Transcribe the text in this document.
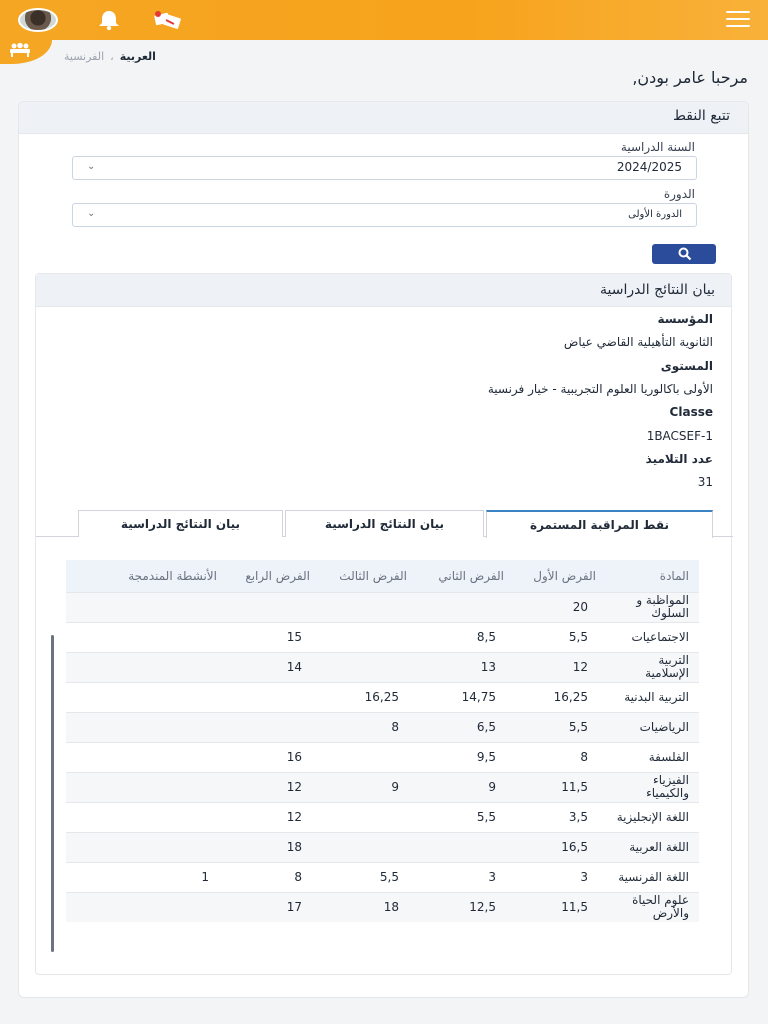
الفرنسية ، العربية
مرحبا عامر بودن,
تتبع النقط
السنة الدراسية
2024/2025
⌄
الدورة
الدورة الأولى
⌄
بيان النتائج الدراسية
المؤسسة
الثانوية التأهيلية القاضي عياض
المستوى
الأولى باكالوريا العلوم التجريبية - خيار فرنسية
Classe
1BACSEF-1
عدد التلاميذ
31
نقط المراقبة المستمرة
بيان النتائج الدراسية
بيان النتائج الدراسية
المادة	الفرض الأول	الفرض الثاني	الفرض الثالث	الفرض الرابع	الأنشطة المندمجة
المواظبة و السلوك	20				
الاجتماعيات	5,5	8,5		15	
التربية الإسلامية	12	13		14	
التربية البدنية	16,25	14,75	16,25		
الرياضيات	5,5	6,5	8		
الفلسفة	8	9,5		16	
الفيزياء والكيمياء	11,5	9	9	12	
اللغة الإنجليزية	3,5	5,5		12	
اللغة العربية	16,5			18	
اللغة الفرنسية	3	3	5,5	8	1
علوم الحياة والأرض	11,5	12,5	18	17	
